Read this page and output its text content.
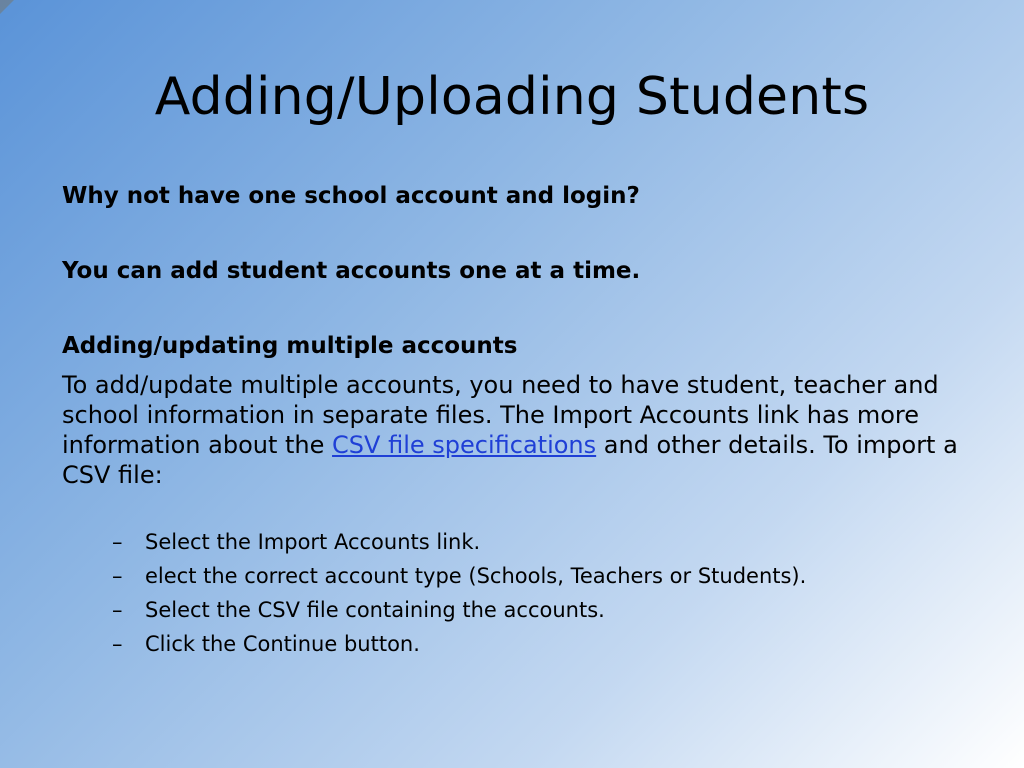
Adding/Uploading Students
Why not have one school account and login?
You can add student accounts one at a time.
Adding/updating multiple accounts
To add/update multiple accounts, you need to have student, teacher and school information in separate files. The Import Accounts link has more information about the CSV file specifications and other details. To import a CSV file:
–	Select the Import Accounts link.
–	elect the correct account type (Schools, Teachers or Students).
–	Select the CSV file containing the accounts.
–	Click the Continue button.
